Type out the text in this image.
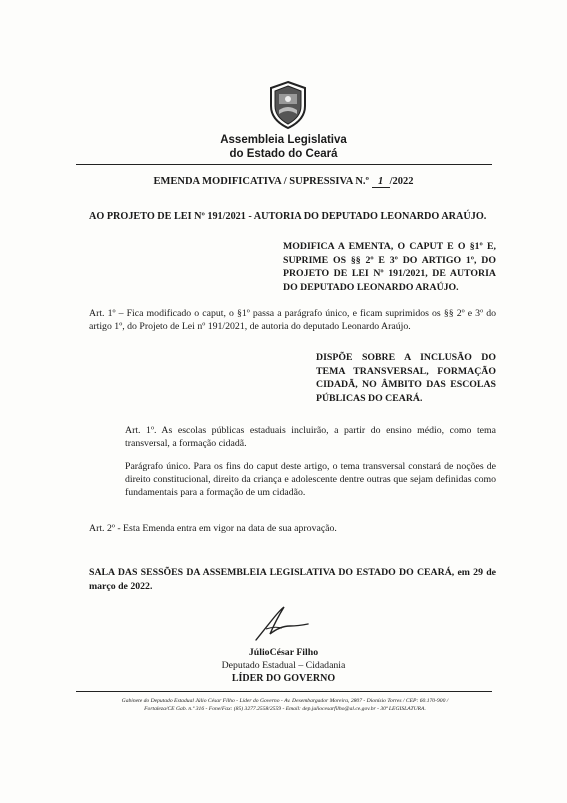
Assembleia Legislativa
do Estado do Ceará
EMENDA MODIFICATIVA / SUPRESSIVA N.º 1 /2022
AO PROJETO DE LEI Nº 191/2021 - AUTORIA DO DEPUTADO LEONARDO ARAÚJO.
MODIFICA A EMENTA, O CAPUT E O §1º E, SUPRIME OS §§ 2º E 3º DO ARTIGO 1º, DO PROJETO DE LEI Nº 191/2021, DE AUTORIA DO DEPUTADO LEONARDO ARAÚJO.
Art. 1º – Fica modificado o caput, o §1º passa a parágrafo único, e ficam suprimidos os §§ 2º e 3º do artigo 1º, do Projeto de Lei nº 191/2021, de autoria do deputado Leonardo Araújo.
DISPÕE SOBRE A INCLUSÃO DO TEMA TRANSVERSAL, FORMAÇÃO CIDADÃ, NO ÂMBITO DAS ESCOLAS PÚBLICAS DO CEARÁ.
Art. 1º. As escolas públicas estaduais incluirão, a partir do ensino médio, como tema transversal, a formação cidadã.
Parágrafo único. Para os fins do caput deste artigo, o tema transversal constará de noções de direito constitucional, direito da criança e adolescente dentre outras que sejam definidas como fundamentais para a formação de um cidadão.
Art. 2º - Esta Emenda entra em vigor na data de sua aprovação.
SALA DAS SESSÕES DA ASSEMBLEIA LEGISLATIVA DO ESTADO DO CEARÁ, em 29 de março de 2022.
JúlioCésar Filho
Deputado Estadual – Cidadania
LÍDER DO GOVERNO
Gabinete do Deputado Estadual Júlio César Filho - Líder do Governo - Av. Desembargador Moreira, 2807 - Dionísio Torres / CEP: 60.170-900 /
Fortaleza/CE Gab. n.º 316 - Fone/Fax: (85) 3277.2558/2559 - Email: dep.juliocesarfilho@al.ce.gov.br - 30ª LEGISLATURA.
